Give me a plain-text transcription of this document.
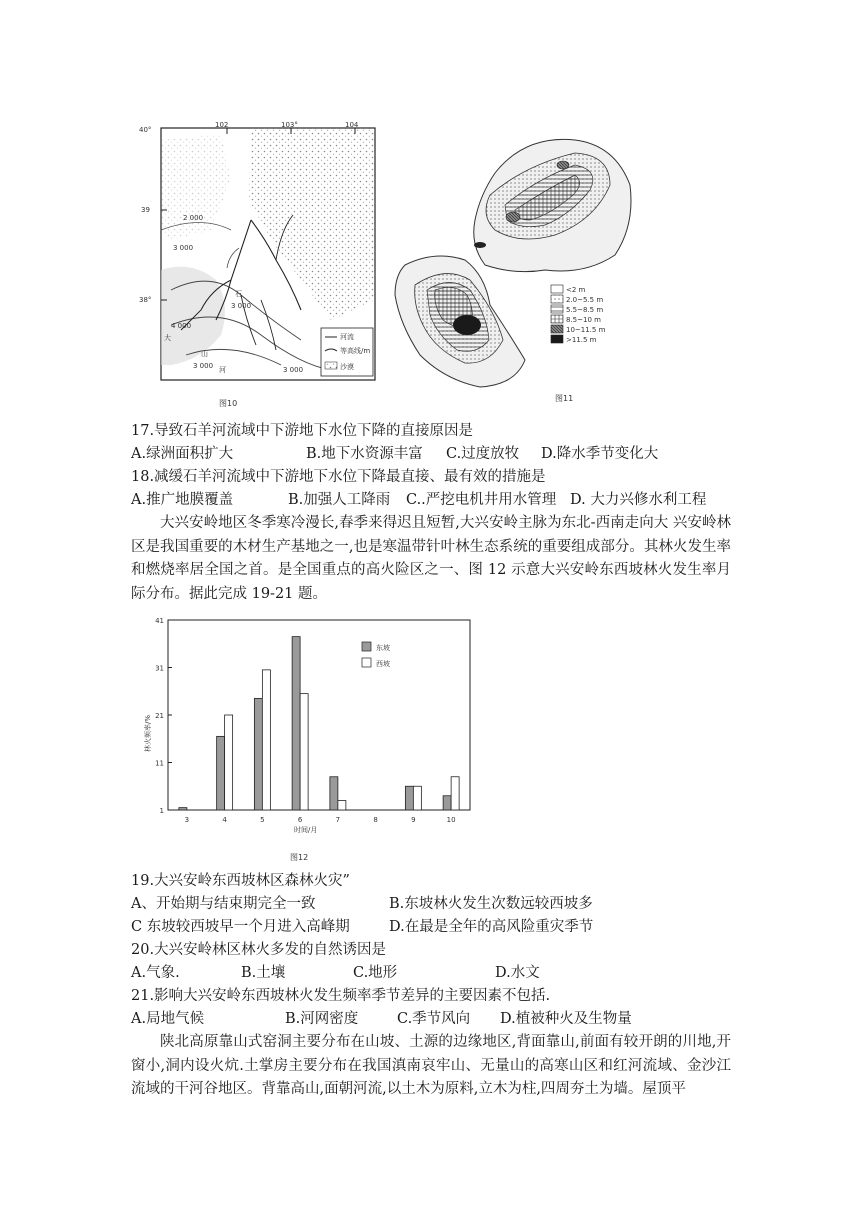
102	103°	104
40°
39
38°
2 000
3 000
3 000
4 000
3 000	3 000
石
大
山
河
河流
等高线/m
沙漠
图10
<2 m
2.0~5.5 m
5.5~8.5 m
8.5~10 m
10~11.5 m
>11.5 m
图11
17.导致石羊河流域中下游地下水位下降的直接原因是
A.绿洲面积扩大	B.地下水资源丰富 C.过度放牧 D.降水季节变化大
18.减缓石羊河流域中下游地下水位下降最直接、最有效的措施是
A.推广地膜覆盖	B.加强人工降雨 C..严挖电机井用水管理 D. 大力兴修水利工程
大兴安岭地区冬季寒冷漫长,春季来得迟且短暂,大兴安岭主脉为东北-西南走向大 兴安岭林区是我国重要的木材生产基地之一,也是寒温带针叶林生态系统的重要组成部分。其林火发生率和燃烧率居全国之首。是全国重点的高火险区之一、图 12 示意大兴安岭东西坡林火发生率月际分布。据此完成 19-21 题。
1
11
21
31
41
3	4	5	6	7	8	9	10
林火频率/%
时间/月
东坡
西坡
图12
19.大兴安岭东西坡林区森林火灾”
A、开始期与结束期完全一致	B.东坡林火发生次数远较西坡多
C 东坡较西坡早一个月进入高峰期	D.在最是全年的高风险重灾季节
20.大兴安岭林区林火多发的自然诱因是
A.气象.	B.土壤	C.地形	D.水文
21.影响大兴安岭东西坡林火发生频率季节差异的主要因素不包括.
A.局地气候	B.河网密度	C.季节风向 D.植被种火及生物量
陕北高原靠山式窑洞主要分布在山坡、土源的边缘地区,背面靠山,前面有较开朗的川地,开窗小,洞内设火炕.土掌房主要分布在我国滇南哀牢山、无量山的高寒山区和红河流域、金沙江流域的干河谷地区。背靠高山,面朝河流,以土木为原料,立木为柱,四周夯土为墙。屋顶平
